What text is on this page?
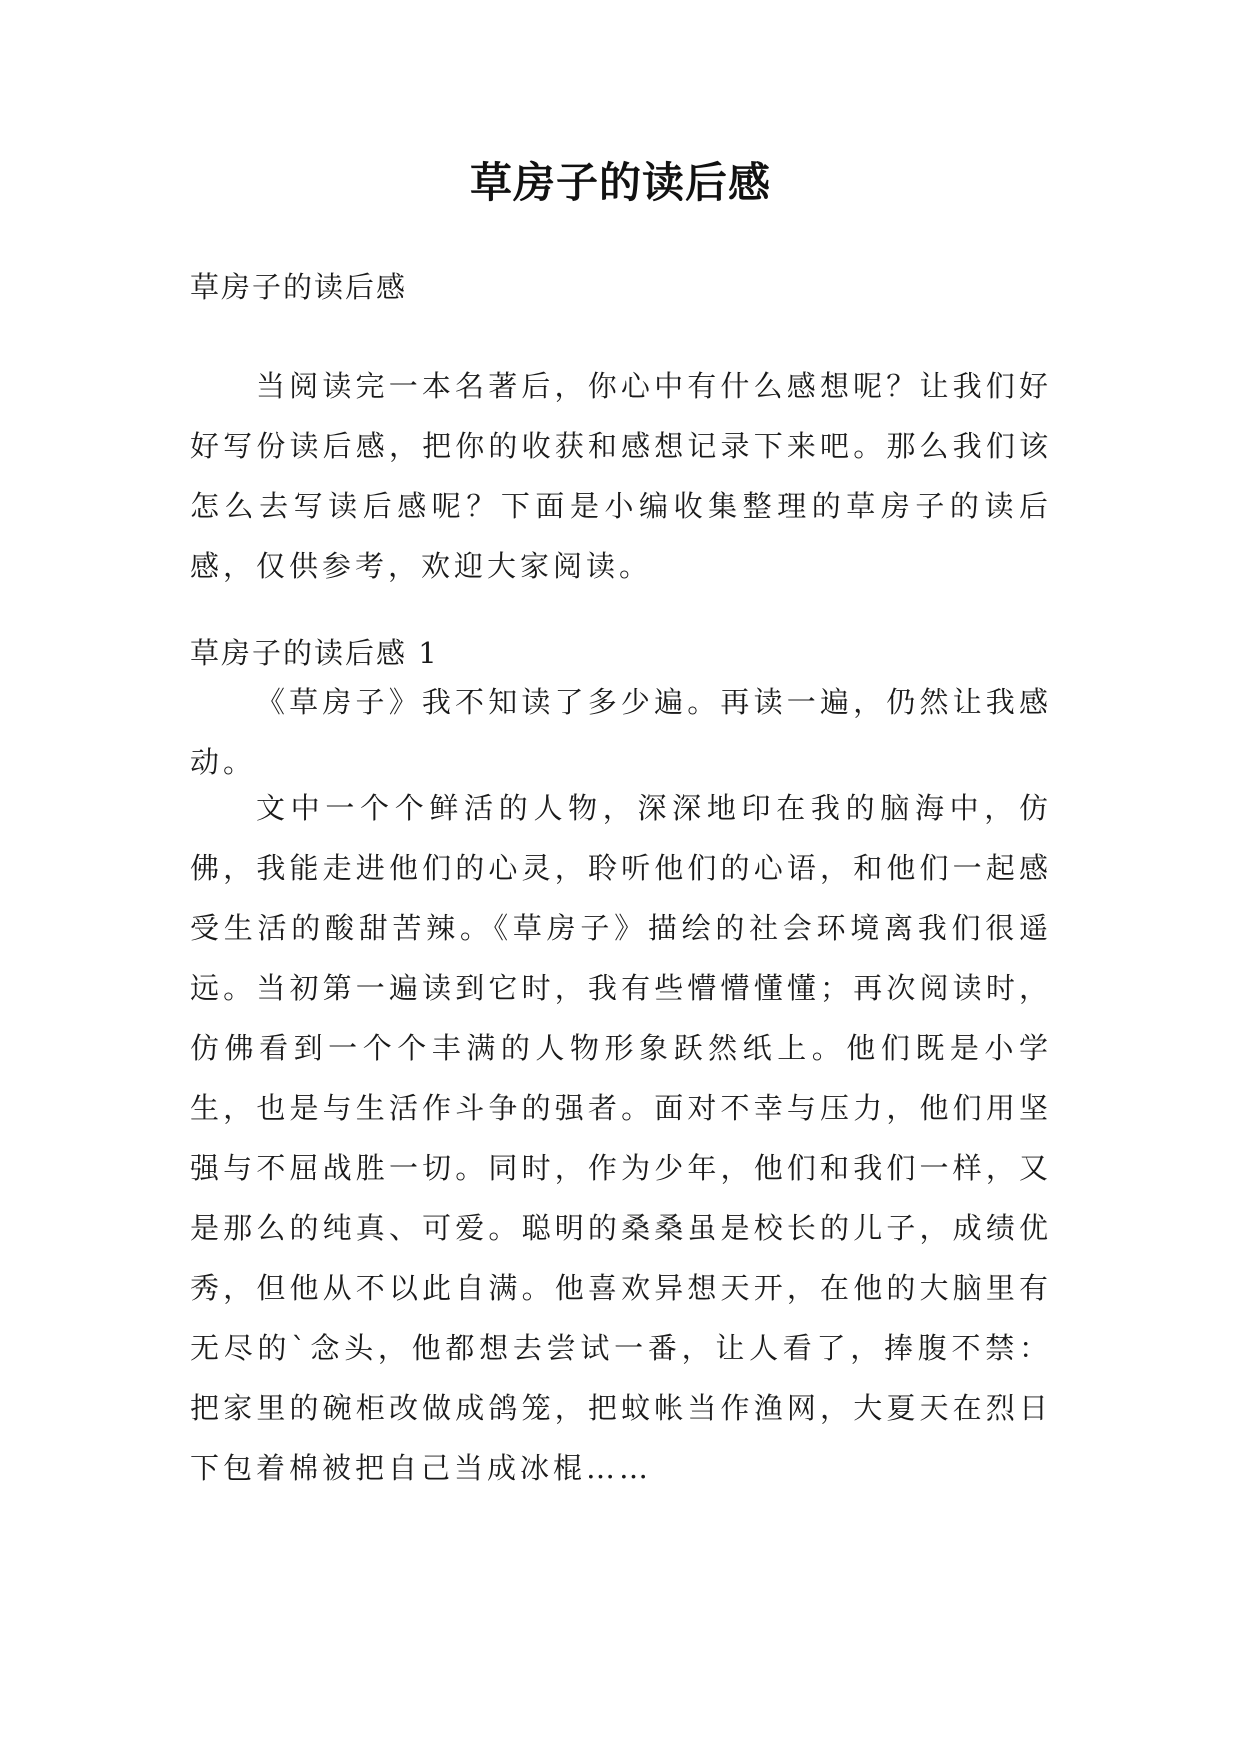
草房子的读后感

草房子的读后感

当阅读完一本名著后，你心中有什么感想呢？让我们好好写份读后感，把你的收获和感想记录下来吧。那么我们该怎么去写读后感呢？下面是小编收集整理的草房子的读后感，仅供参考，欢迎大家阅读。

草房子的读后感 1

《草房子》我不知读了多少遍。再读一遍，仍然让我感动。

文中一个个鲜活的人物，深深地印在我的脑海中，仿佛，我能走进他们的心灵，聆听他们的心语，和他们一起感受生活的酸甜苦辣。《草房子》描绘的社会环境离我们很遥远。当初第一遍读到它时，我有些懵懵懂懂；再次阅读时，仿佛看到一个个丰满的人物形象跃然纸上。他们既是小学生，也是与生活作斗争的强者。面对不幸与压力，他们用坚强与不屈战胜一切。同时，作为少年，他们和我们一样，又是那么的纯真、可爱。聪明的桑桑虽是校长的儿子，成绩优秀，但他从不以此自满。他喜欢异想天开，在他的大脑里有无尽的`念头，他都想去尝试一番，让人看了，捧腹不禁：把家里的碗柜改做成鸽笼，把蚊帐当作渔网，大夏天在烈日下包着棉被把自己当成冰棍……
